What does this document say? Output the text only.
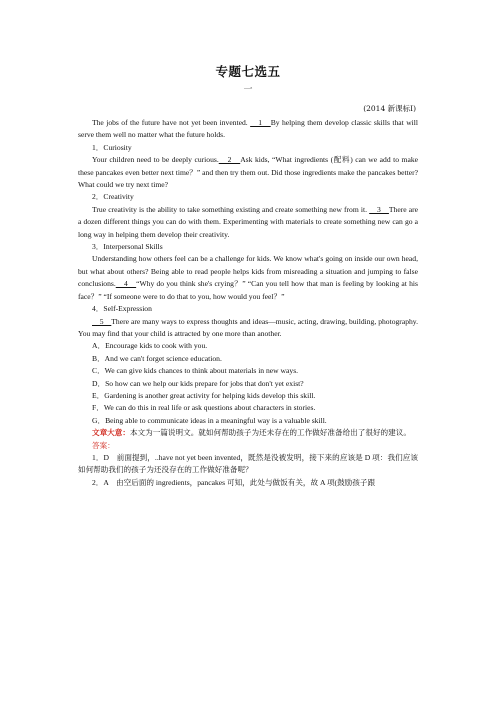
专题七选五
一
(2014 新课标Ⅰ)

The jobs of the future have not yet been invented. 　1　By helping them develop classic skills that will serve them well no matter what the future holds.

1．Curiosity

Your children need to be deeply curious.　2　Ask kids, “What ingredients (配料) can we add to make these pancakes even better next time？” and then try them out. Did those ingredients make the pancakes better? What could we try next time?

2．Creativity

True creativity is the ability to take something existing and create something new from it. 　3　There are a dozen different things you can do with them. Experimenting with materials to create something new can go a long way in helping them develop their creativity.

3．Interpersonal Skills

Understanding how others feel can be a challenge for kids. We know what's going on inside our own head, but what about others? Being able to read people helps kids from misreading a situation and jumping to false conclusions.　4　“Why do you think she's crying？” “Can you tell how that man is feeling by looking at his face？” “If someone were to do that to you, how would you feel？”

4．Self-Expression

　5　There are many ways to express thoughts and ideas—music, acting, drawing, building, photography. You may find that your child is attracted by one more than another.

A．Encourage kids to cook with you.

B．And we can't forget science education.

C．We can give kids chances to think about materials in new ways.

D．So how can we help our kids prepare for jobs that don't yet exist?

E．Gardening is another great activity for helping kids develop this skill.

F．We can do this in real life or ask questions about characters in stories.

G．Being able to communicate ideas in a meaningful way is a valuable skill.

文章大意：本文为一篇说明文。就如何帮助孩子为还未存在的工作做好准备给出了很好的建议。

答案：

1．D　前面提到，..have not yet been invented，既然是没被发明，接下来的应该是 D 项：我们应该如何帮助我们的孩子为还没存在的工作做好准备呢？

2．A　由空后面的 ingredients，pancakes 可知，此处与做饭有关，故 A 项(鼓励孩子跟
